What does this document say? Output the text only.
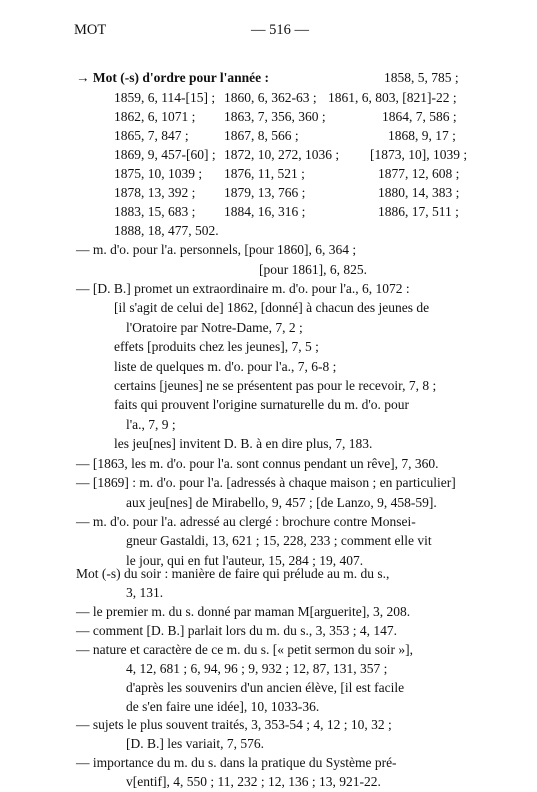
MOT	— 516 —
→ Mot (-s) d'ordre pour l'année :	1858, 5, 785 ;
1859, 6, 114-[15] ; 1860, 6, 362-63 ; 1861, 6, 803, [821]-22 ;
1862, 6, 1071 ; 1863, 7, 356, 360 ;	1864, 7, 586 ;
1865, 7, 847 ;	1867, 8, 566 ;	1868, 9, 17 ;
1869, 9, 457-[60] ; 1872, 10, 272, 1036 ; [1873, 10], 1039 ;
1875, 10, 1039 ; 1876, 11, 521 ;	1877, 12, 608 ;
1878, 13, 392 ; 1879, 13, 766 ;	1880, 14, 383 ;
1883, 15, 683 ; 1884, 16, 316 ;	1886, 17, 511 ;
1888, 18, 477, 502.
— m. d'o. pour l'a. personnels, [pour 1860], 6, 364 ;
[pour 1861], 6, 825.
— [D. B.] promet un extraordinaire m. d'o. pour l'a., 6, 1072 :
[il s'agit de celui de] 1862, [donné] à chacun des jeunes de
l'Oratoire par Notre-Dame, 7, 2 ;
effets [produits chez les jeunes], 7, 5 ;
liste de quelques m. d'o. pour l'a., 7, 6-8 ;
certains [jeunes] ne se présentent pas pour le recevoir, 7, 8 ;
faits qui prouvent l'origine surnaturelle du m. d'o. pour
l'a., 7, 9 ;
les jeu[nes] invitent D. B. à en dire plus, 7, 183.
— [1863, les m. d'o. pour l'a. sont connus pendant un rêve], 7, 360.
— [1869] : m. d'o. pour l'a. [adressés à chaque maison ; en particulier]
aux jeu[nes] de Mirabello, 9, 457 ; [de Lanzo, 9, 458-59].
— m. d'o. pour l'a. adressé au clergé : brochure contre Monsei-
gneur Gastaldi, 13, 621 ; 15, 228, 233 ; comment elle vit
le jour, qui en fut l'auteur, 15, 284 ; 19, 407.
Mot (-s) du soir : manière de faire qui prélude au m. du s.,
3, 131.
— le premier m. du s. donné par maman M[arguerite], 3, 208.
— comment [D. B.] parlait lors du m. du s., 3, 353 ; 4, 147.
— nature et caractère de ce m. du s. [« petit sermon du soir »],
4, 12, 681 ; 6, 94, 96 ; 9, 932 ; 12, 87, 131, 357 ;
d'après les souvenirs d'un ancien élève, [il est facile
de s'en faire une idée], 10, 1033-36.
— sujets le plus souvent traités, 3, 353-54 ; 4, 12 ; 10, 32 ;
[D. B.] les variait, 7, 576.
— importance du m. du s. dans la pratique du Système pré-
v[entif], 4, 550 ; 11, 232 ; 12, 136 ; 13, 921-22.
